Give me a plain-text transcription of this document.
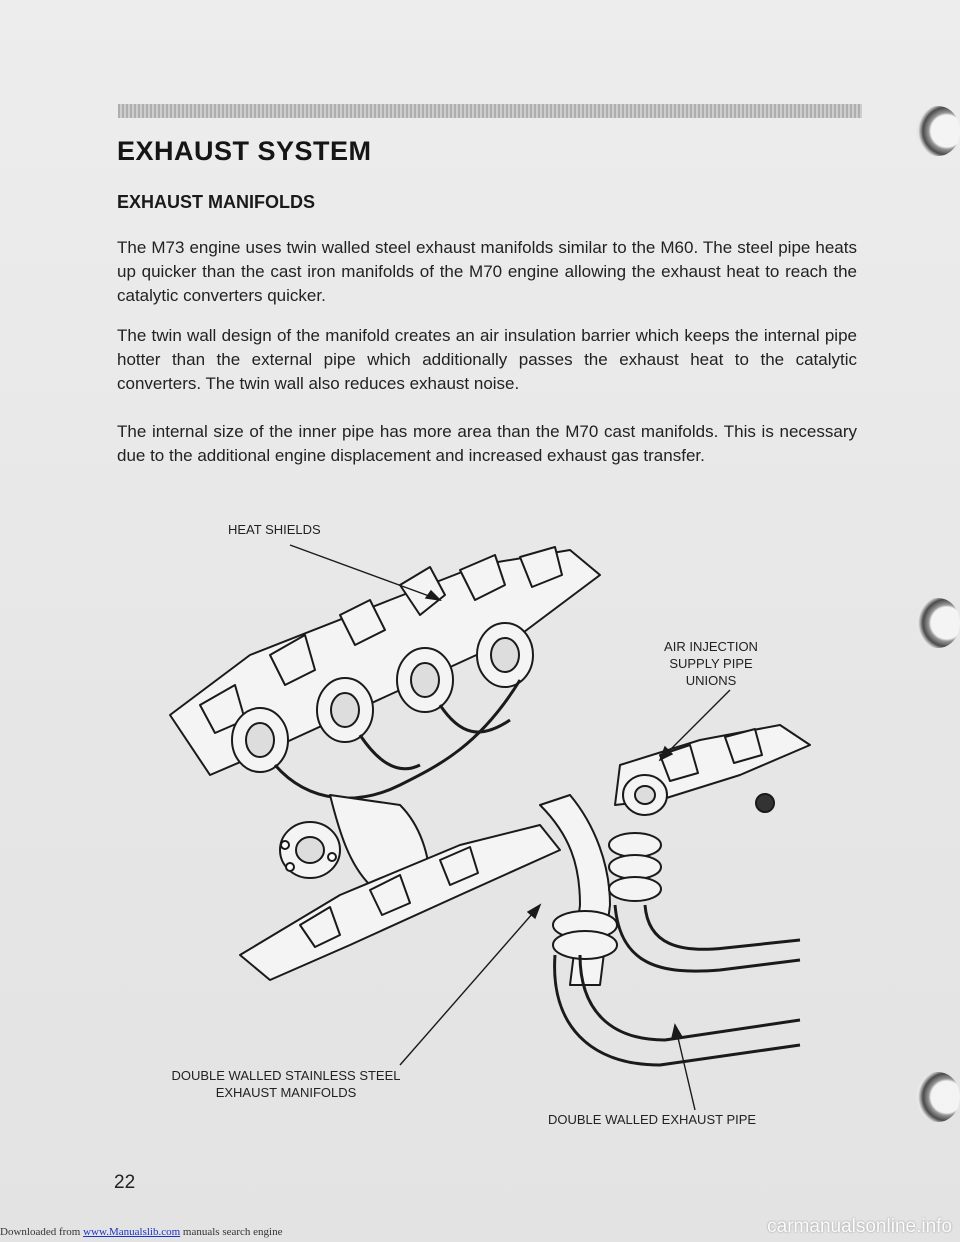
EXHAUST SYSTEM
EXHAUST MANIFOLDS

The M73 engine uses twin walled steel exhaust manifolds similar to the M60. The steel pipe heats up quicker than the cast iron manifolds of the M70 engine allowing the exhaust heat to reach the catalytic converters quicker.

The twin wall design of the manifold creates an air insulation barrier which keeps the internal pipe hotter than the external pipe which additionally passes the exhaust heat to the catalytic converters. The twin wall also reduces exhaust noise.

The internal size of the inner pipe has more area than the M70 cast manifolds. This is necessary due to the additional engine displacement and increased exhaust gas transfer.

HEAT SHIELDS
AIR INJECTION SUPPLY PIPE UNIONS
DOUBLE WALLED STAINLESS STEEL EXHAUST MANIFOLDS
DOUBLE WALLED EXHAUST PIPE
22
Downloaded from www.Manualslib.com manuals search engine	carmanualsonline.info
